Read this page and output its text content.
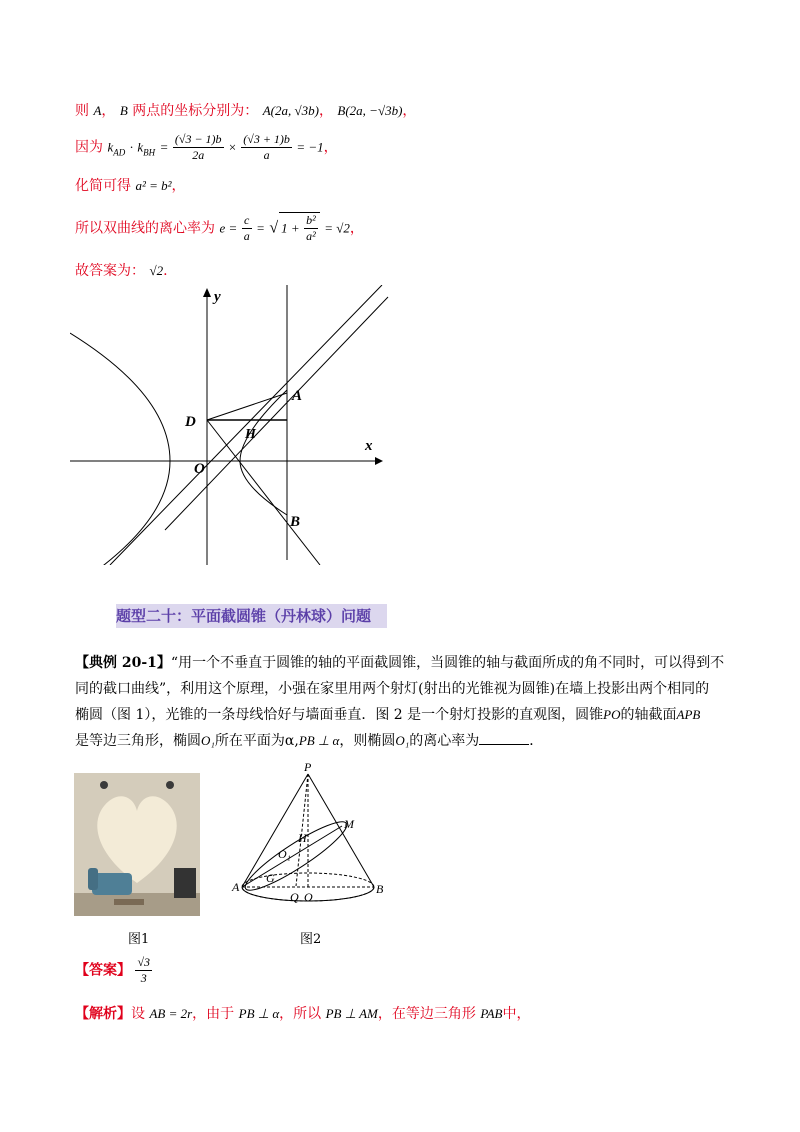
则 A， B 两点的坐标分别为： A(2a, √3b)， B(2a, −√3b)，
因为 $k_{AD} \cdot k_{BH} = \frac{(√3 - 1)b}{2a} \times \frac{(√3 + 1)b}{a} = -1$，
化简可得 a² = b²，
所以双曲线的离心率为 $e = \frac{c}{a}$ = √ $1 + \frac{\text{b²}}{\text{a²}} = √2$，
故答案为： √2.
y
x
D
A
H
O
B
题型二十：平面截圆锥（丹林球）问题
【典例 20-1】“用一个不垂直于圆锥的轴的平面截圆锥，当圆锥的轴与截面所成的角不同时，可以得到不
同的截口曲线”，利用这个原理，小强在家里用两个射灯(射出的光锥视为圆锥)在墙上投影出两个相同的
椭圆（图 1），光锥的一条母线恰好与墙面垂直．图 2 是一个射灯投影的直观图，圆锥PO的轴截面APB
是等边三角形，椭圆O₁所在平面为α,PB ⊥ α，则椭圆O₁的离心率为	．
图1
P
M
H
O₁
A
G
Q O
B
图2
【答案】 $\frac{√3}{3}$
【解析】设 AB = 2r，由于 PB ⊥ α，所以 PB ⊥ AM，在等边三角形 PAB中，
